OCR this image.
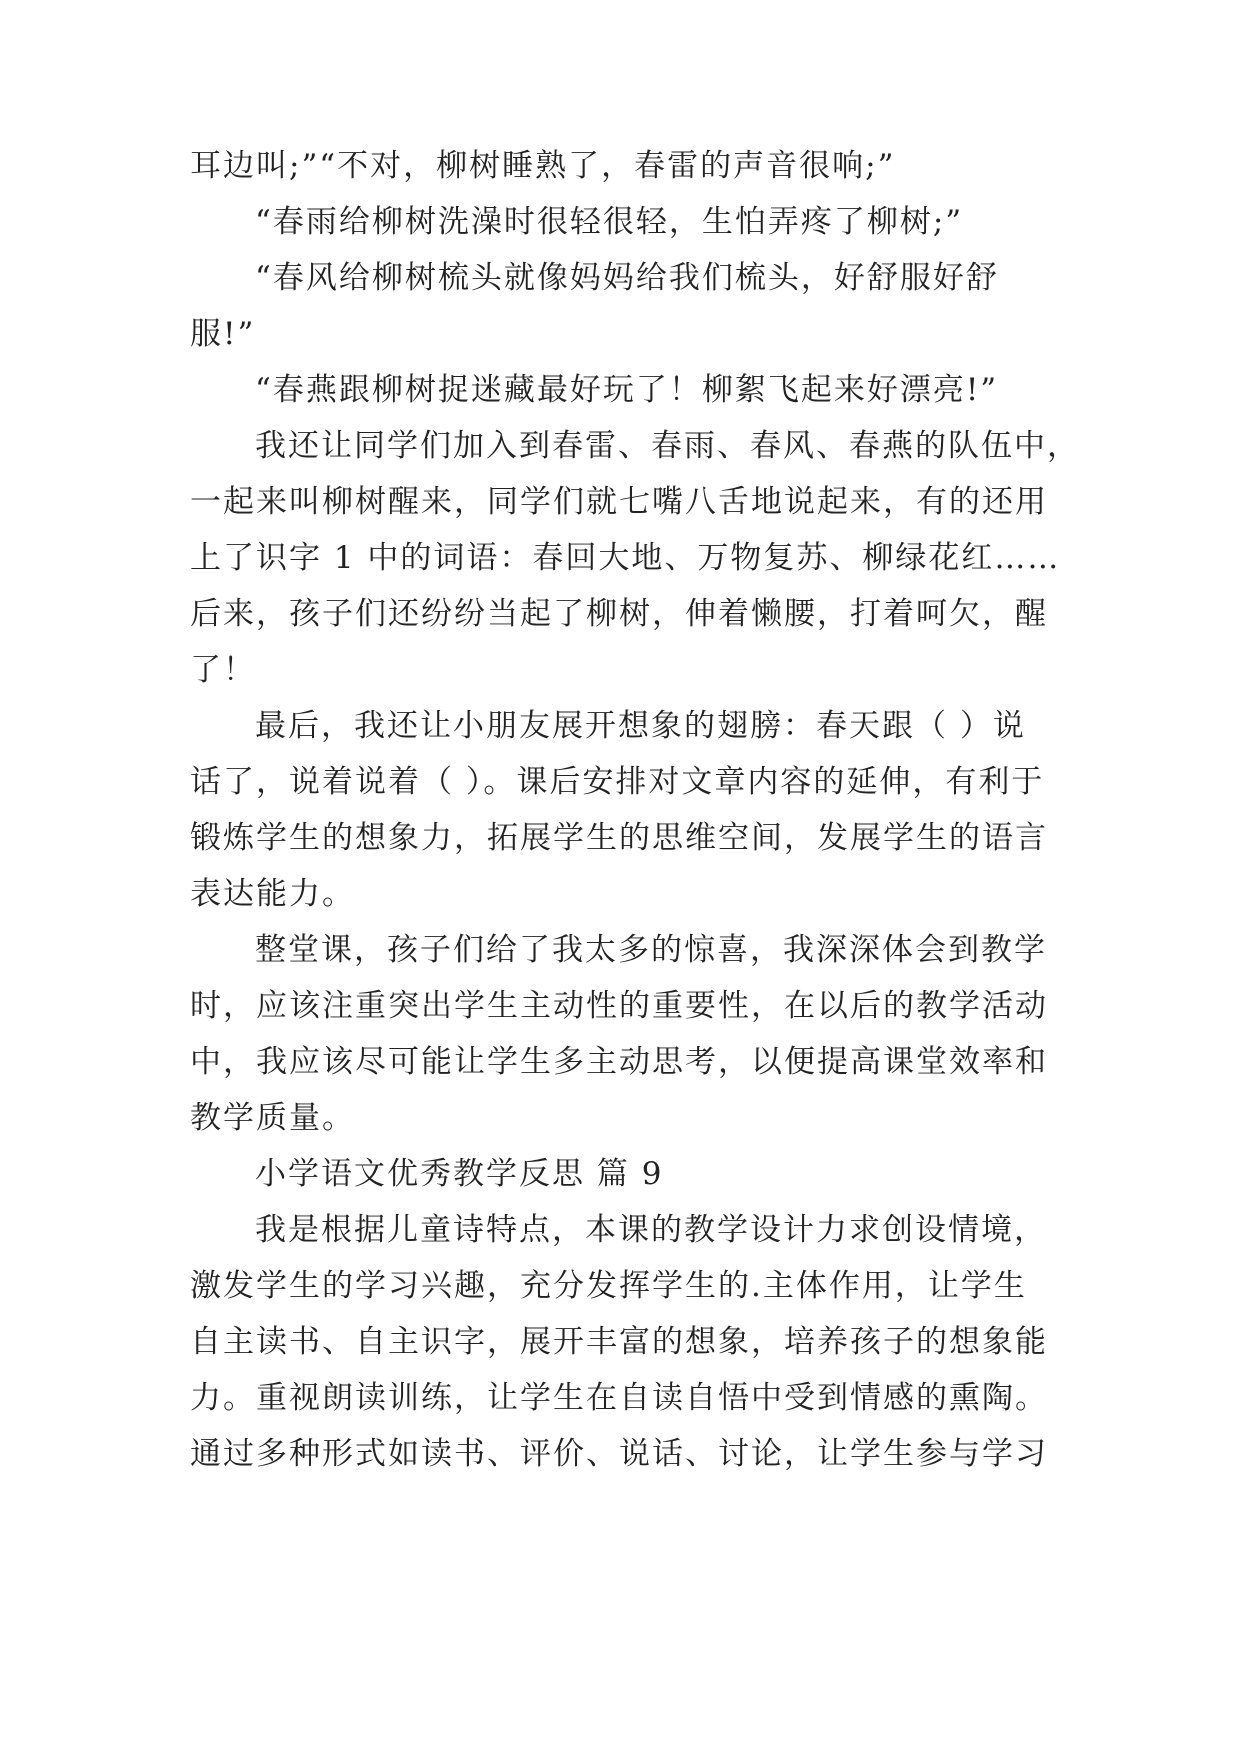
耳边叫;”“不对，柳树睡熟了，春雷的声音很响;”
“春雨给柳树洗澡时很轻很轻，生怕弄疼了柳树;”
“春风给柳树梳头就像妈妈给我们梳头，好舒服好舒
服!”
“春燕跟柳树捉迷藏最好玩了！柳絮飞起来好漂亮!”
我还让同学们加入到春雷、春雨、春风、春燕的队伍中，
一起来叫柳树醒来，同学们就七嘴八舌地说起来，有的还用
上了识字 1 中的词语：春回大地、万物复苏、柳绿花红……
后来，孩子们还纷纷当起了柳树，伸着懒腰，打着呵欠，醒
了！
最后，我还让小朋友展开想象的翅膀：春天跟（ ）说
话了，说着说着（ ）。课后安排对文章内容的延伸，有利于
锻炼学生的想象力，拓展学生的思维空间，发展学生的语言
表达能力。
整堂课，孩子们给了我太多的惊喜，我深深体会到教学
时，应该注重突出学生主动性的重要性，在以后的教学活动
中，我应该尽可能让学生多主动思考，以便提高课堂效率和
教学质量。
小学语文优秀教学反思 篇 9
我是根据儿童诗特点，本课的教学设计力求创设情境，
激发学生的学习兴趣，充分发挥学生的.主体作用，让学生
自主读书、自主识字，展开丰富的想象，培养孩子的想象能
力。重视朗读训练，让学生在自读自悟中受到情感的熏陶。
通过多种形式如读书、评价、说话、讨论，让学生参与学习
